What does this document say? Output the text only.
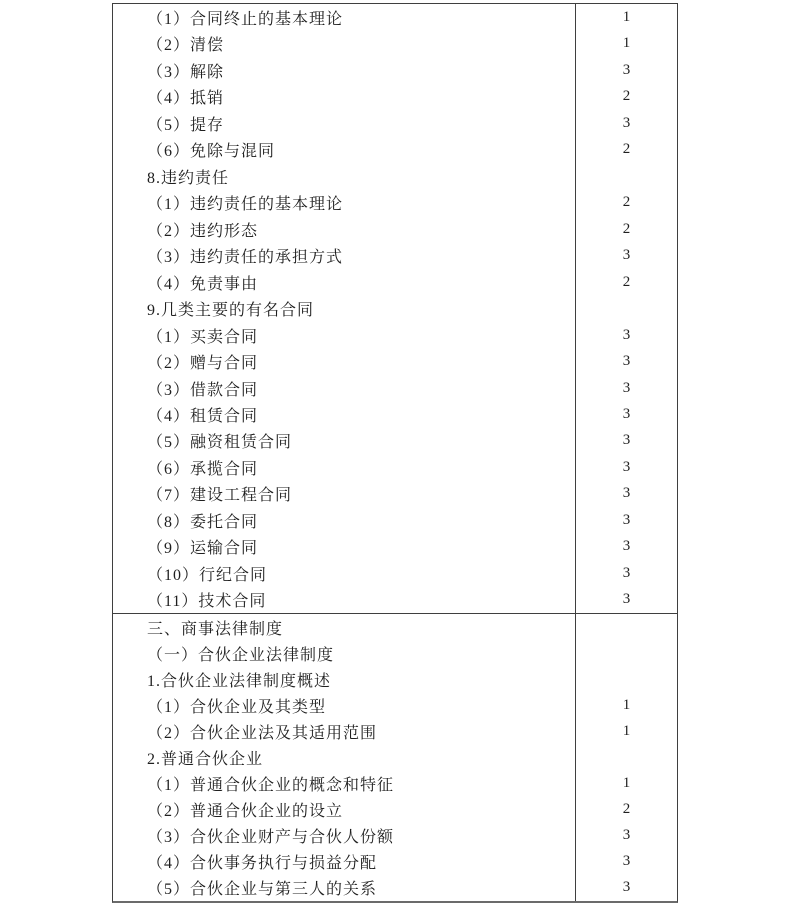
（1）合同终止的基本理论	1
（2）清偿	1
（3）解除	3
（4）抵销	2
（5）提存	3
（6）免除与混同	2
8.违约责任
（1）违约责任的基本理论	2
（2）违约形态	2
（3）违约责任的承担方式	3
（4）免责事由	2
9.几类主要的有名合同
（1）买卖合同	3
（2）赠与合同	3
（3）借款合同	3
（4）租赁合同	3
（5）融资租赁合同	3
（6）承揽合同	3
（7）建设工程合同	3
（8）委托合同	3
（9）运输合同	3
（10）行纪合同	3
（11）技术合同	3
三、商事法律制度
（一）合伙企业法律制度
1.合伙企业法律制度概述
（1）合伙企业及其类型	1
（2）合伙企业法及其适用范围	1
2.普通合伙企业
（1）普通合伙企业的概念和特征	1
（2）普通合伙企业的设立	2
（3）合伙企业财产与合伙人份额	3
（4）合伙事务执行与损益分配	3
（5）合伙企业与第三人的关系	3
